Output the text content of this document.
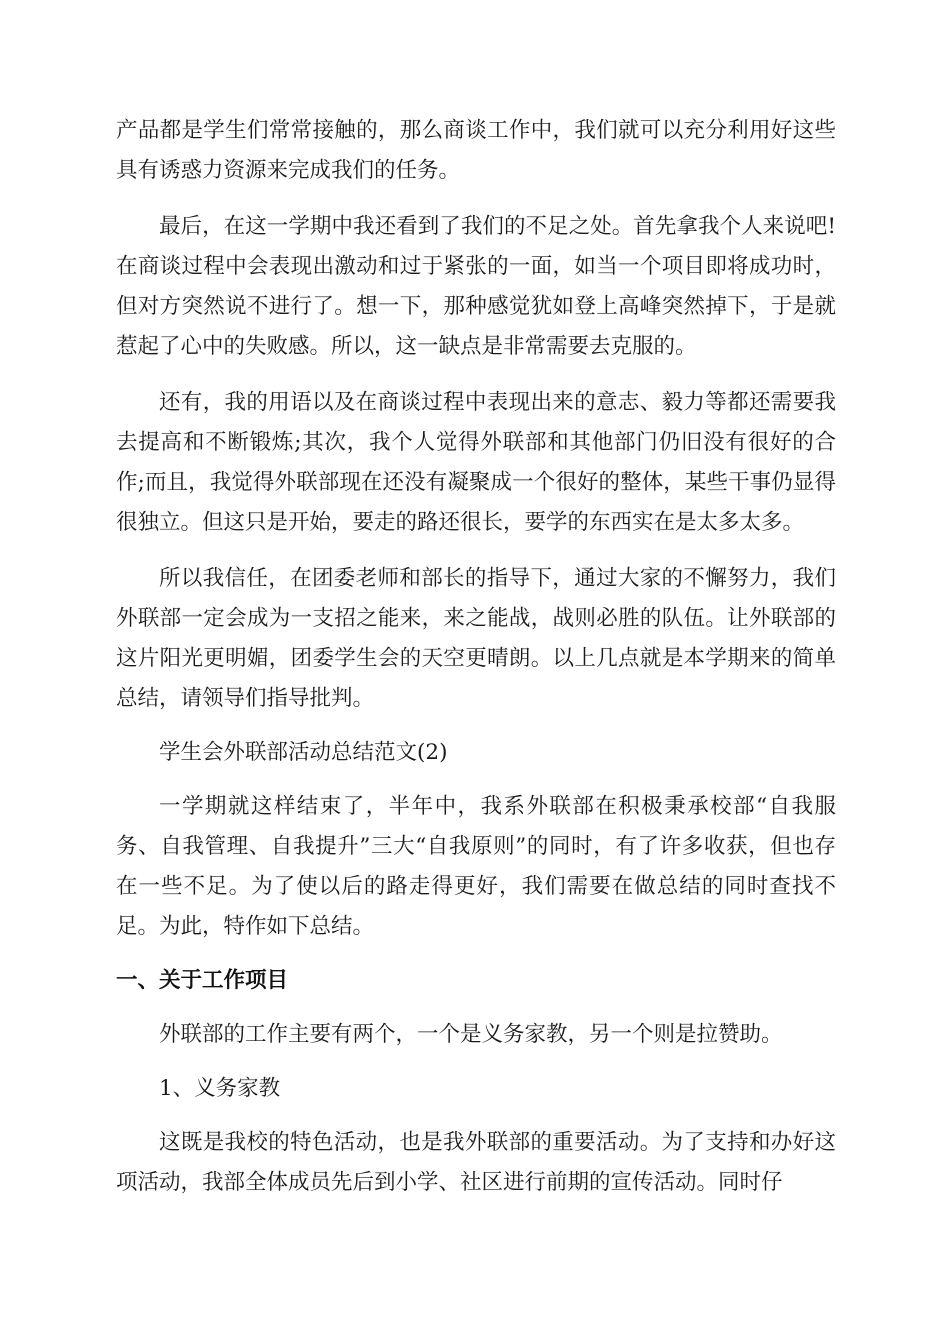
产品都是学生们常常接触的，那么商谈工作中，我们就可以充分利用好这些具有诱惑力资源来完成我们的任务。

最后，在这一学期中我还看到了我们的不足之处。首先拿我个人来说吧!在商谈过程中会表现出激动和过于紧张的一面，如当一个项目即将成功时，但对方突然说不进行了。想一下，那种感觉犹如登上高峰突然掉下，于是就惹起了心中的失败感。所以，这一缺点是非常需要去克服的。

还有，我的用语以及在商谈过程中表现出来的意志、毅力等都还需要我去提高和不断锻炼;其次，我个人觉得外联部和其他部门仍旧没有很好的合作;而且，我觉得外联部现在还没有凝聚成一个很好的整体，某些干事仍显得很独立。但这只是开始，要走的路还很长，要学的东西实在是太多太多。

所以我信任，在团委老师和部长的指导下，通过大家的不懈努力，我们外联部一定会成为一支招之能来，来之能战，战则必胜的队伍。让外联部的这片阳光更明媚，团委学生会的天空更晴朗。以上几点就是本学期来的简单总结，请领导们指导批判。

学生会外联部活动总结范文(2)

一学期就这样结束了，半年中，我系外联部在积极秉承校部“自我服务、自我管理、自我提升”三大“自我原则”的同时，有了许多收获，但也存在一些不足。为了使以后的路走得更好，我们需要在做总结的同时查找不足。为此，特作如下总结。

一、关于工作项目

外联部的工作主要有两个，一个是义务家教，另一个则是拉赞助。

1、义务家教

这既是我校的特色活动，也是我外联部的重要活动。为了支持和办好这项活动，我部全体成员先后到小学、社区进行前期的宣传活动。同时仔
